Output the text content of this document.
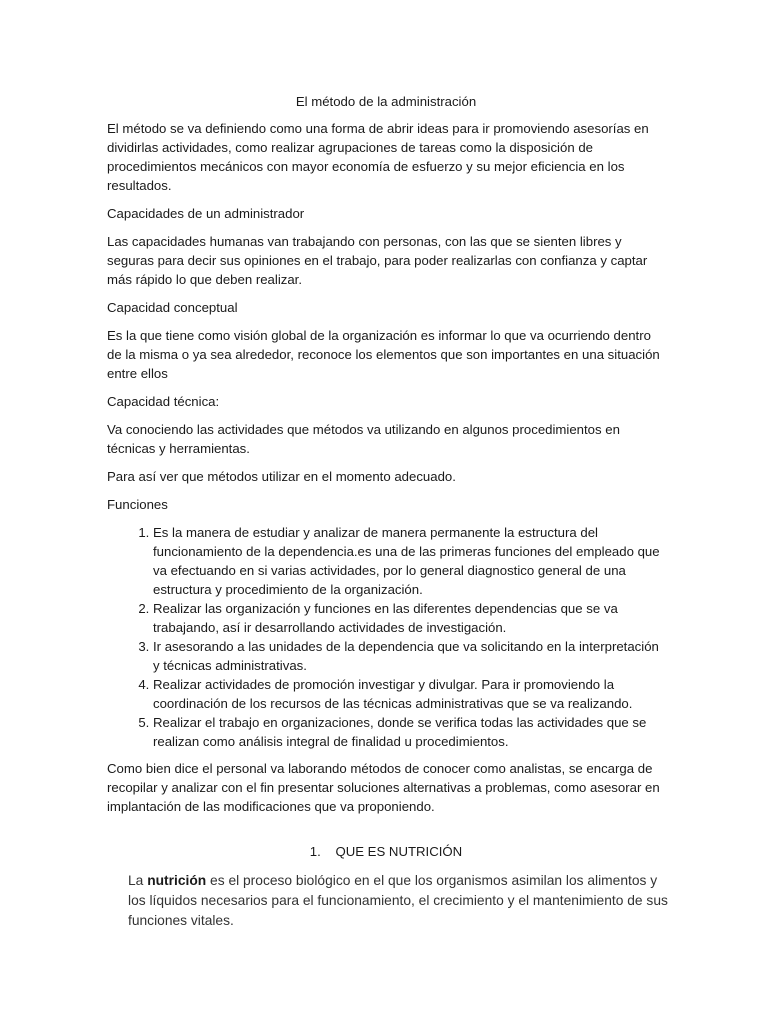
El método de la administración

El método se va definiendo como una forma de abrir ideas para ir promoviendo asesorías en dividirlas actividades, como realizar agrupaciones de tareas como la disposición de procedimientos mecánicos con mayor economía de esfuerzo y su mejor eficiencia en los resultados.

Capacidades de un administrador

Las capacidades humanas van trabajando con personas, con las que se sienten libres y seguras para decir sus opiniones en el trabajo, para poder realizarlas con confianza y captar más rápido lo que deben realizar.

Capacidad conceptual

Es la que tiene como visión global de la organización es informar lo que va ocurriendo dentro de la misma o ya sea alrededor, reconoce los elementos que son importantes en una situación entre ellos

Capacidad técnica:

Va conociendo las actividades que métodos va utilizando en algunos procedimientos en técnicas y herramientas.

Para así ver que métodos utilizar en el momento adecuado.

Funciones

1. Es la manera de estudiar y analizar de manera permanente la estructura del funcionamiento de la dependencia.es una de las primeras funciones del empleado que va efectuando en si varias actividades, por lo general diagnostico general de una estructura y procedimiento de la organización.
2. Realizar las organización y funciones en las diferentes dependencias que se va trabajando, así ir desarrollando actividades de investigación.
3. Ir asesorando a las unidades de la dependencia que va solicitando en la interpretación y técnicas administrativas.
4. Realizar actividades de promoción investigar y divulgar. Para ir promoviendo la coordinación de los recursos de las técnicas administrativas que se va realizando.
5. Realizar el trabajo en organizaciones, donde se verifica todas las actividades que se realizan como análisis integral de finalidad u procedimientos.

Como bien dice el personal va laborando métodos de conocer como analistas, se encarga de recopilar y analizar con el fin presentar soluciones alternativas a problemas, como asesorar en implantación de las modificaciones que va proponiendo.

1. QUE ES NUTRICIÓN
La nutrición es el proceso biológico en el que los organismos asimilan los alimentos y los líquidos necesarios para el funcionamiento, el crecimiento y el mantenimiento de sus funciones vitales.
